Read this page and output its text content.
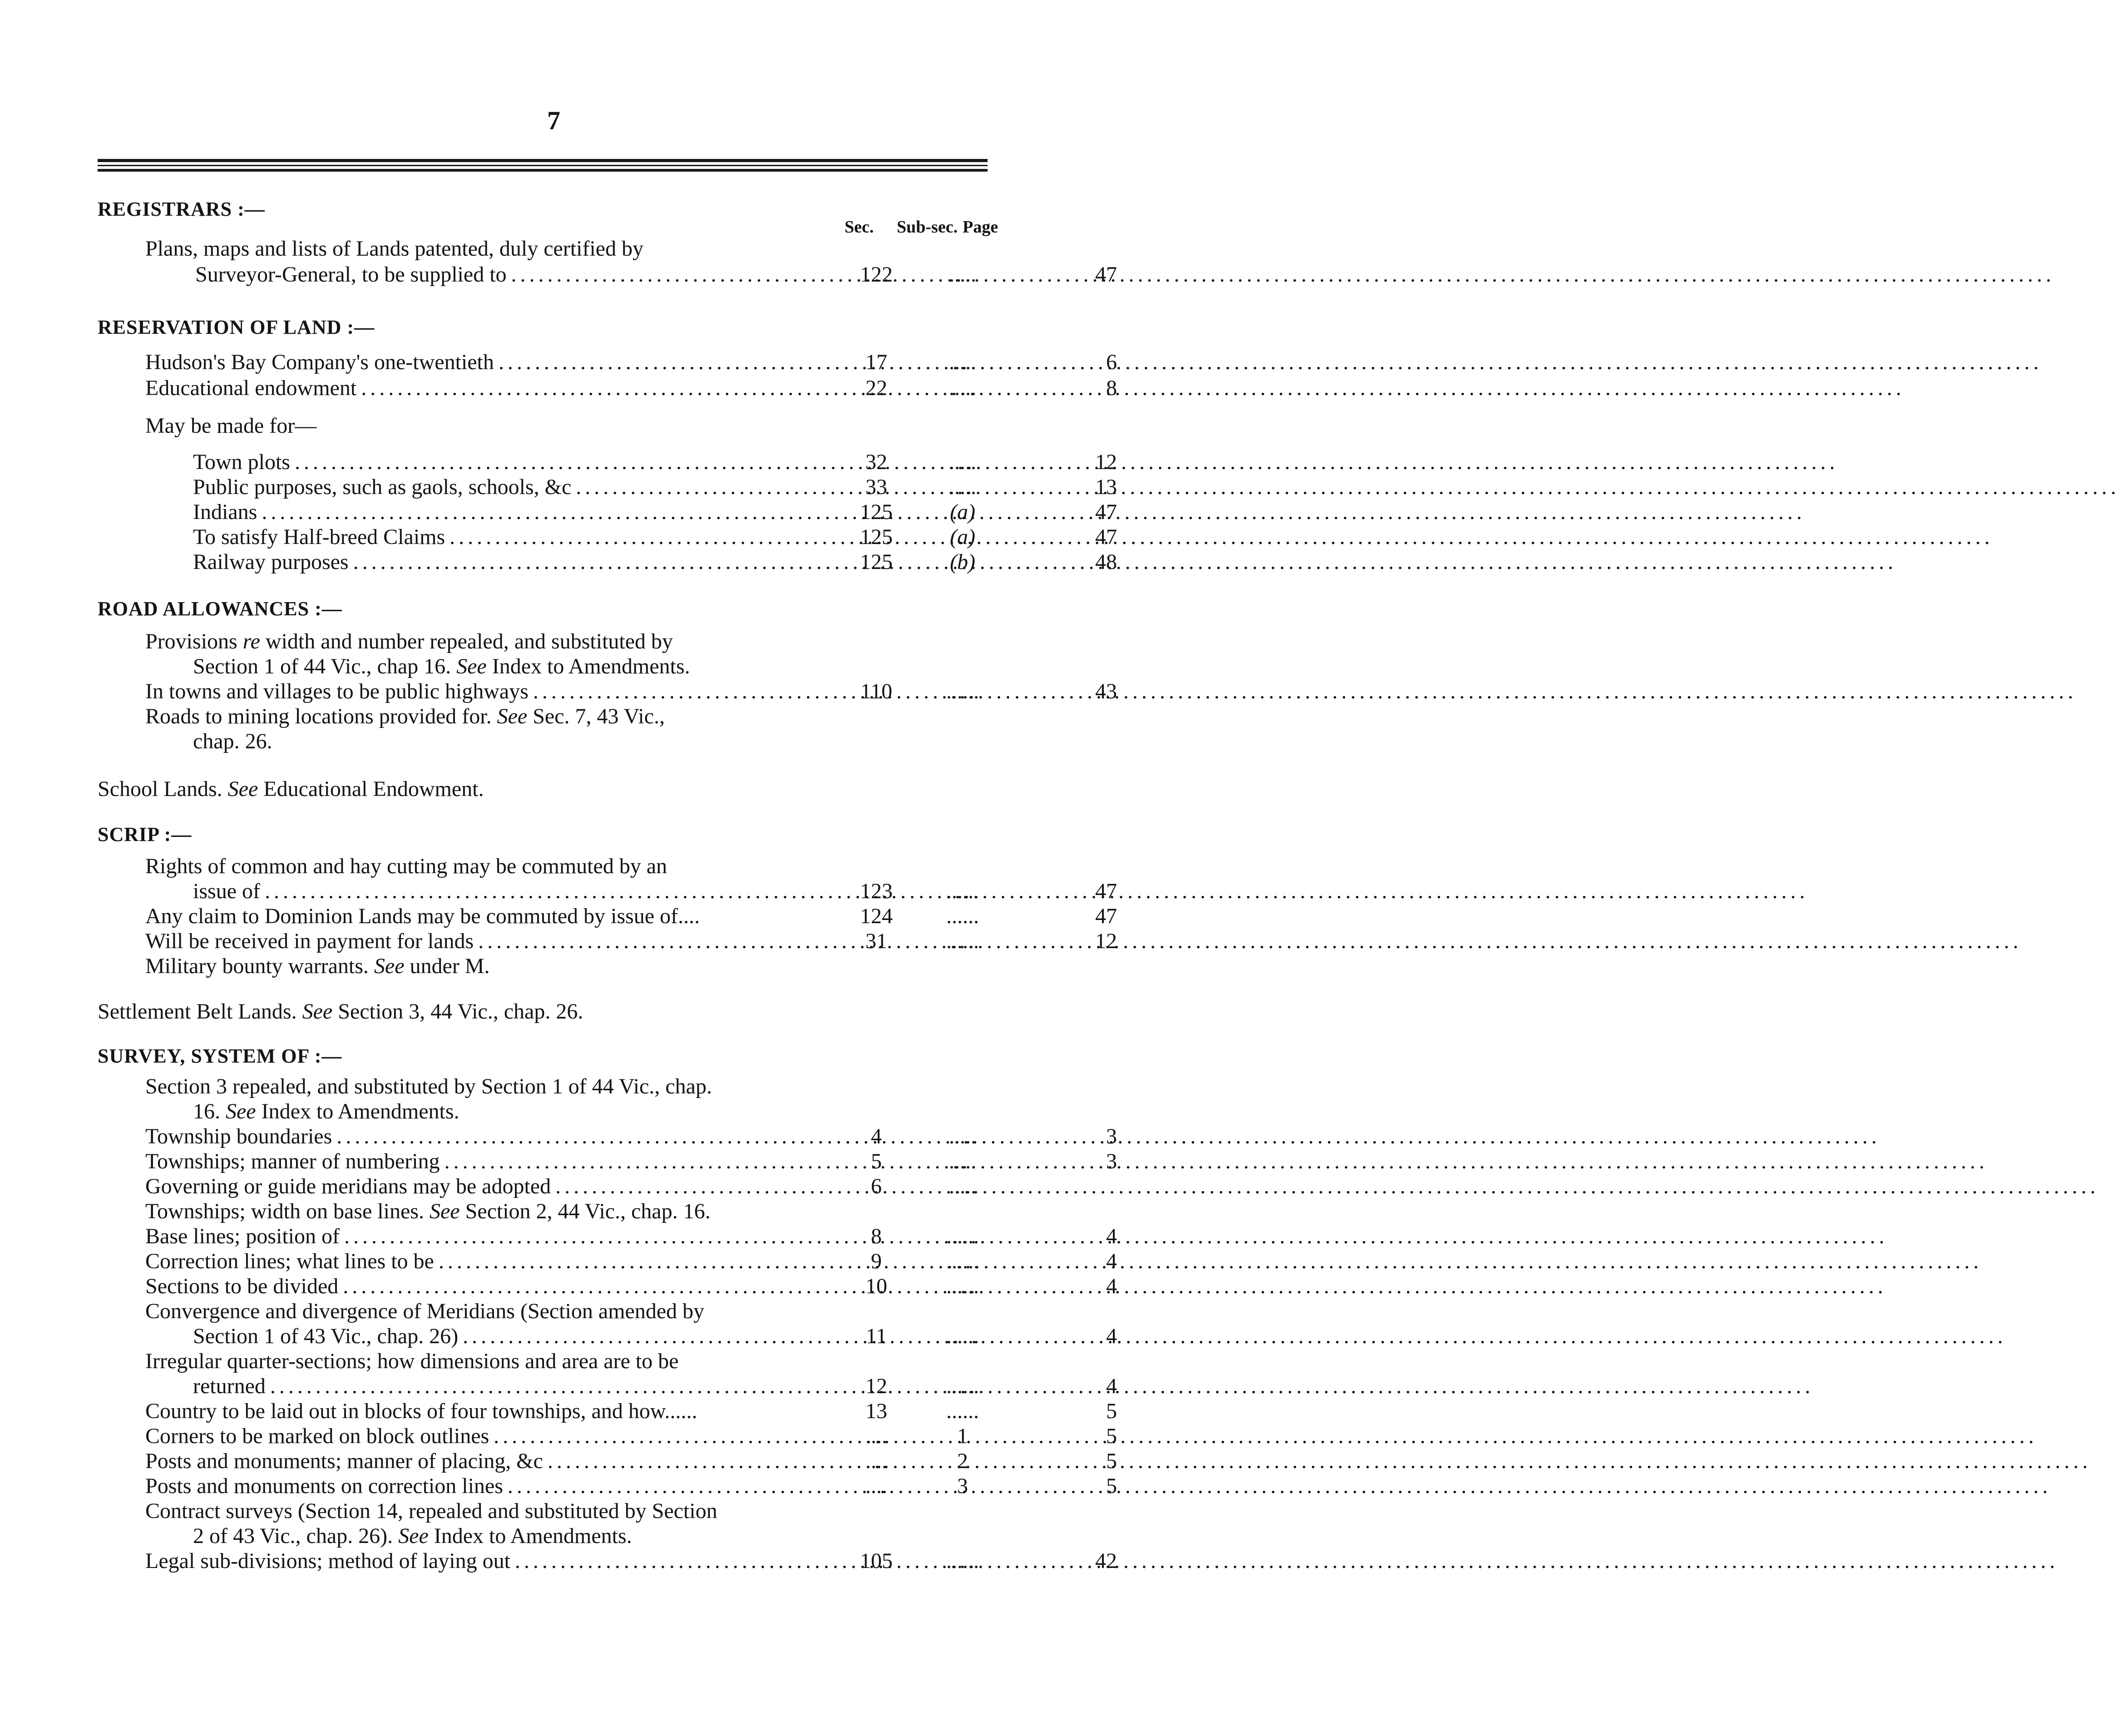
7
REGISTRARS :—
Sec. Sub-sec. Page
Plans, maps and lists of Lands patented, duly certified by
Surveyor-General, to be supplied to . . .	122	.....	47
RESERVATION OF LAND :—
Hudson's Bay Company's one-twentieth . . .	17	.....	6
Educational endowment . . .	22	.....	8
May be made for—
Town plots . . .	32	.....	12
Public purposes, such as gaols, schools, &c . . .	33	.....	13
Indians . . .	125	(a)	47
To satisfy Half-breed Claims . . .	125	(a)	47
Railway purposes . . .	125	(b)	48
ROAD ALLOWANCES :—
Provisions re width and number repealed, and substituted by
Section 1 of 44 Vic., chap 16. See Index to Amendments.
In towns and villages to be public highways . . .	110	......	43
Roads to mining locations provided for. See Sec. 7, 43 Vic.,
chap. 26.
School Lands. See Educational Endowment.
SCRIP :—
Rights of common and hay cutting may be commuted by an
issue of . . .	123	......	47
Any claim to Dominion Lands may be commuted by issue of....	124	......	47
Will be received in payment for lands . . .	31	......	12
Military bounty warrants. See under M.
Settlement Belt Lands. See Section 3, 44 Vic., chap. 26.
SURVEY, SYSTEM OF :—
Section 3 repealed, and substituted by Section 1 of 44 Vic., chap.
16. See Index to Amendments.
Township boundaries . . .	4	.....	3
Townships; manner of numbering . . .	5	.....	3
Governing or guide meridians may be adopted . . .	6	.....
Townships; width on base lines. See Section 2, 44 Vic., chap. 16.
Base lines; position of . . .	8	......	4
Correction lines; what lines to be . . .	9	......	4
Sections to be divided . . .	10	......	4
Convergence and divergence of Meridians (Section amended by
Section 1 of 43 Vic., chap. 26) . . .	11	......	4
Irregular quarter-sections; how dimensions and area are to be
returned . . .	12	......	4
Country to be laid out in blocks of four townships, and how......	13	......	5
Corners to be marked on block outlines . . .	....	1	5
Posts and monuments; manner of placing, &c . . .	....	2	5
Posts and monuments on correction lines . . .	....	3	5
Contract surveys (Section 14, repealed and substituted by Section
2 of 43 Vic., chap. 26). See Index to Amendments.
Legal sub-divisions; method of laying out . . .	105	......	42
